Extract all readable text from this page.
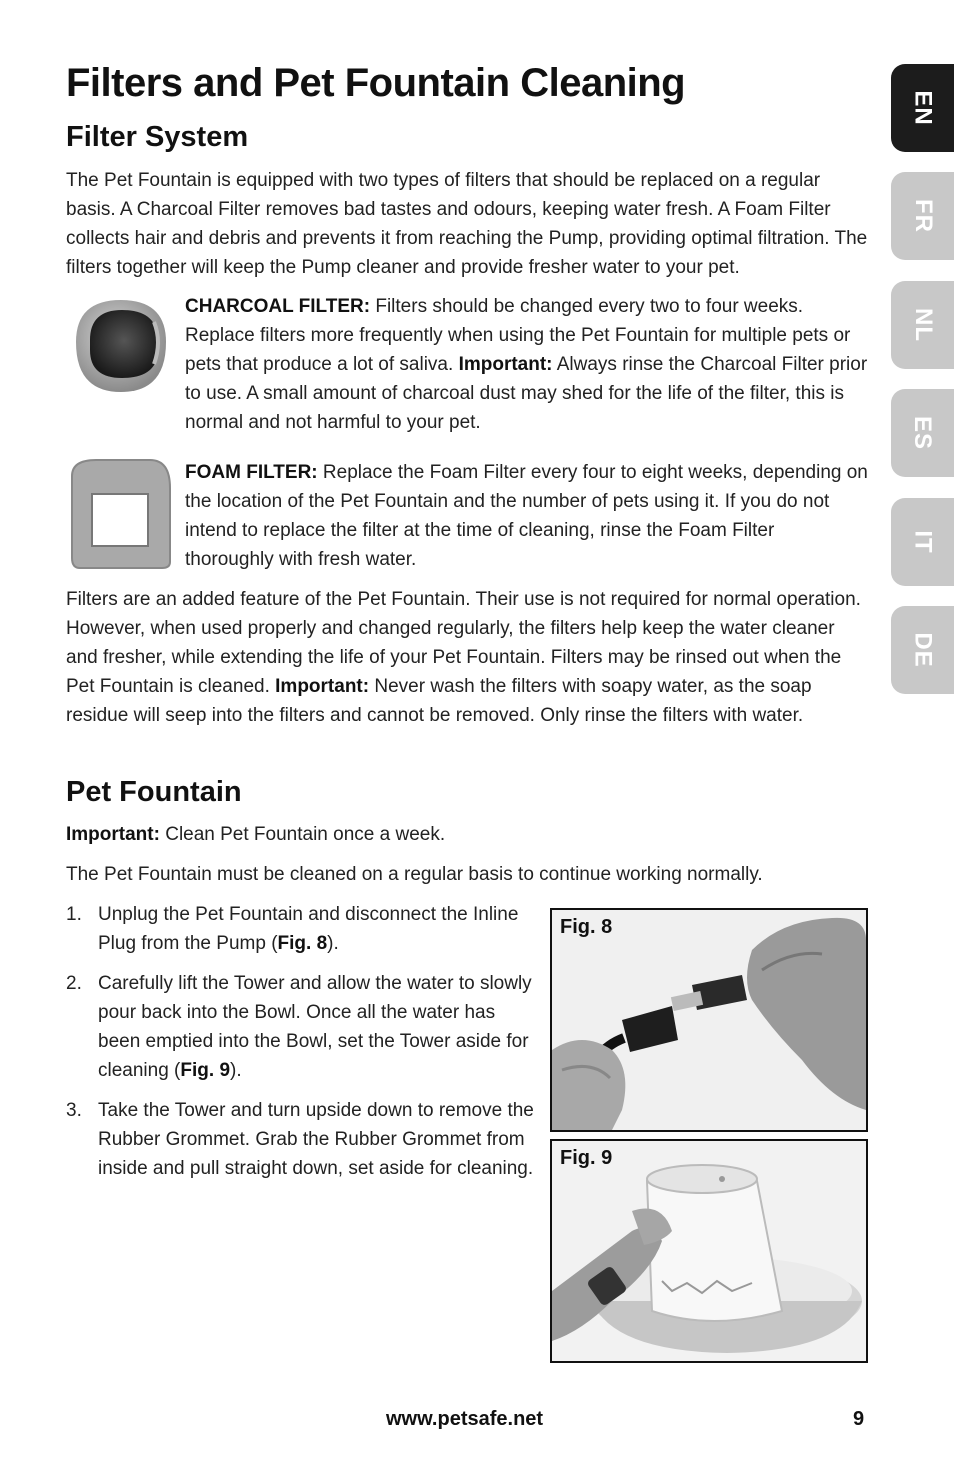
Filters and Pet Fountain Cleaning
Filter System

The Pet Fountain is equipped with two types of filters that should be replaced on a regular basis. A Charcoal Filter removes bad tastes and odours, keeping water fresh. A Foam Filter collects hair and debris and prevents it from reaching the Pump, providing optimal filtration. The filters together will keep the Pump cleaner and provide fresher water to your pet.

CHARCOAL FILTER: Filters should be changed every two to four weeks. Replace filters more frequently when using the Pet Fountain for multiple pets or pets that produce a lot of saliva. Important: Always rinse the Charcoal Filter prior to use. A small amount of charcoal dust may shed for the life of the filter, this is normal and not harmful to your pet.

FOAM FILTER: Replace the Foam Filter every four to eight weeks, depending on the location of the Pet Fountain and the number of pets using it. If you do not intend to replace the filter at the time of cleaning, rinse the Foam Filter thoroughly with fresh water.

Filters are an added feature of the Pet Fountain. Their use is not required for normal operation. However, when used properly and changed regularly, the filters help keep the water cleaner and fresher, while extending the life of your Pet Fountain. Filters may be rinsed out when the Pet Fountain is cleaned. Important: Never wash the filters with soapy water, as the soap residue will seep into the filters and cannot be removed. Only rinse the filters with water.

Pet Fountain

Important: Clean Pet Fountain once a week.

The Pet Fountain must be cleaned on a regular basis to continue working normally.

1. Unplug the Pet Fountain and disconnect the Inline Plug from the Pump (Fig. 8).

2. Carefully lift the Tower and allow the water to slowly pour back into the Bowl. Once all the water has been emptied into the Bowl, set the Tower aside for cleaning (Fig. 9).

3. Take the Tower and turn upside down to remove the Rubber Grommet. Grab the Rubber Grommet from inside and pull straight down, set aside for cleaning.

Fig. 8
Fig. 9
EN
FR
NL
ES
IT
DE
www.petsafe.net	9
